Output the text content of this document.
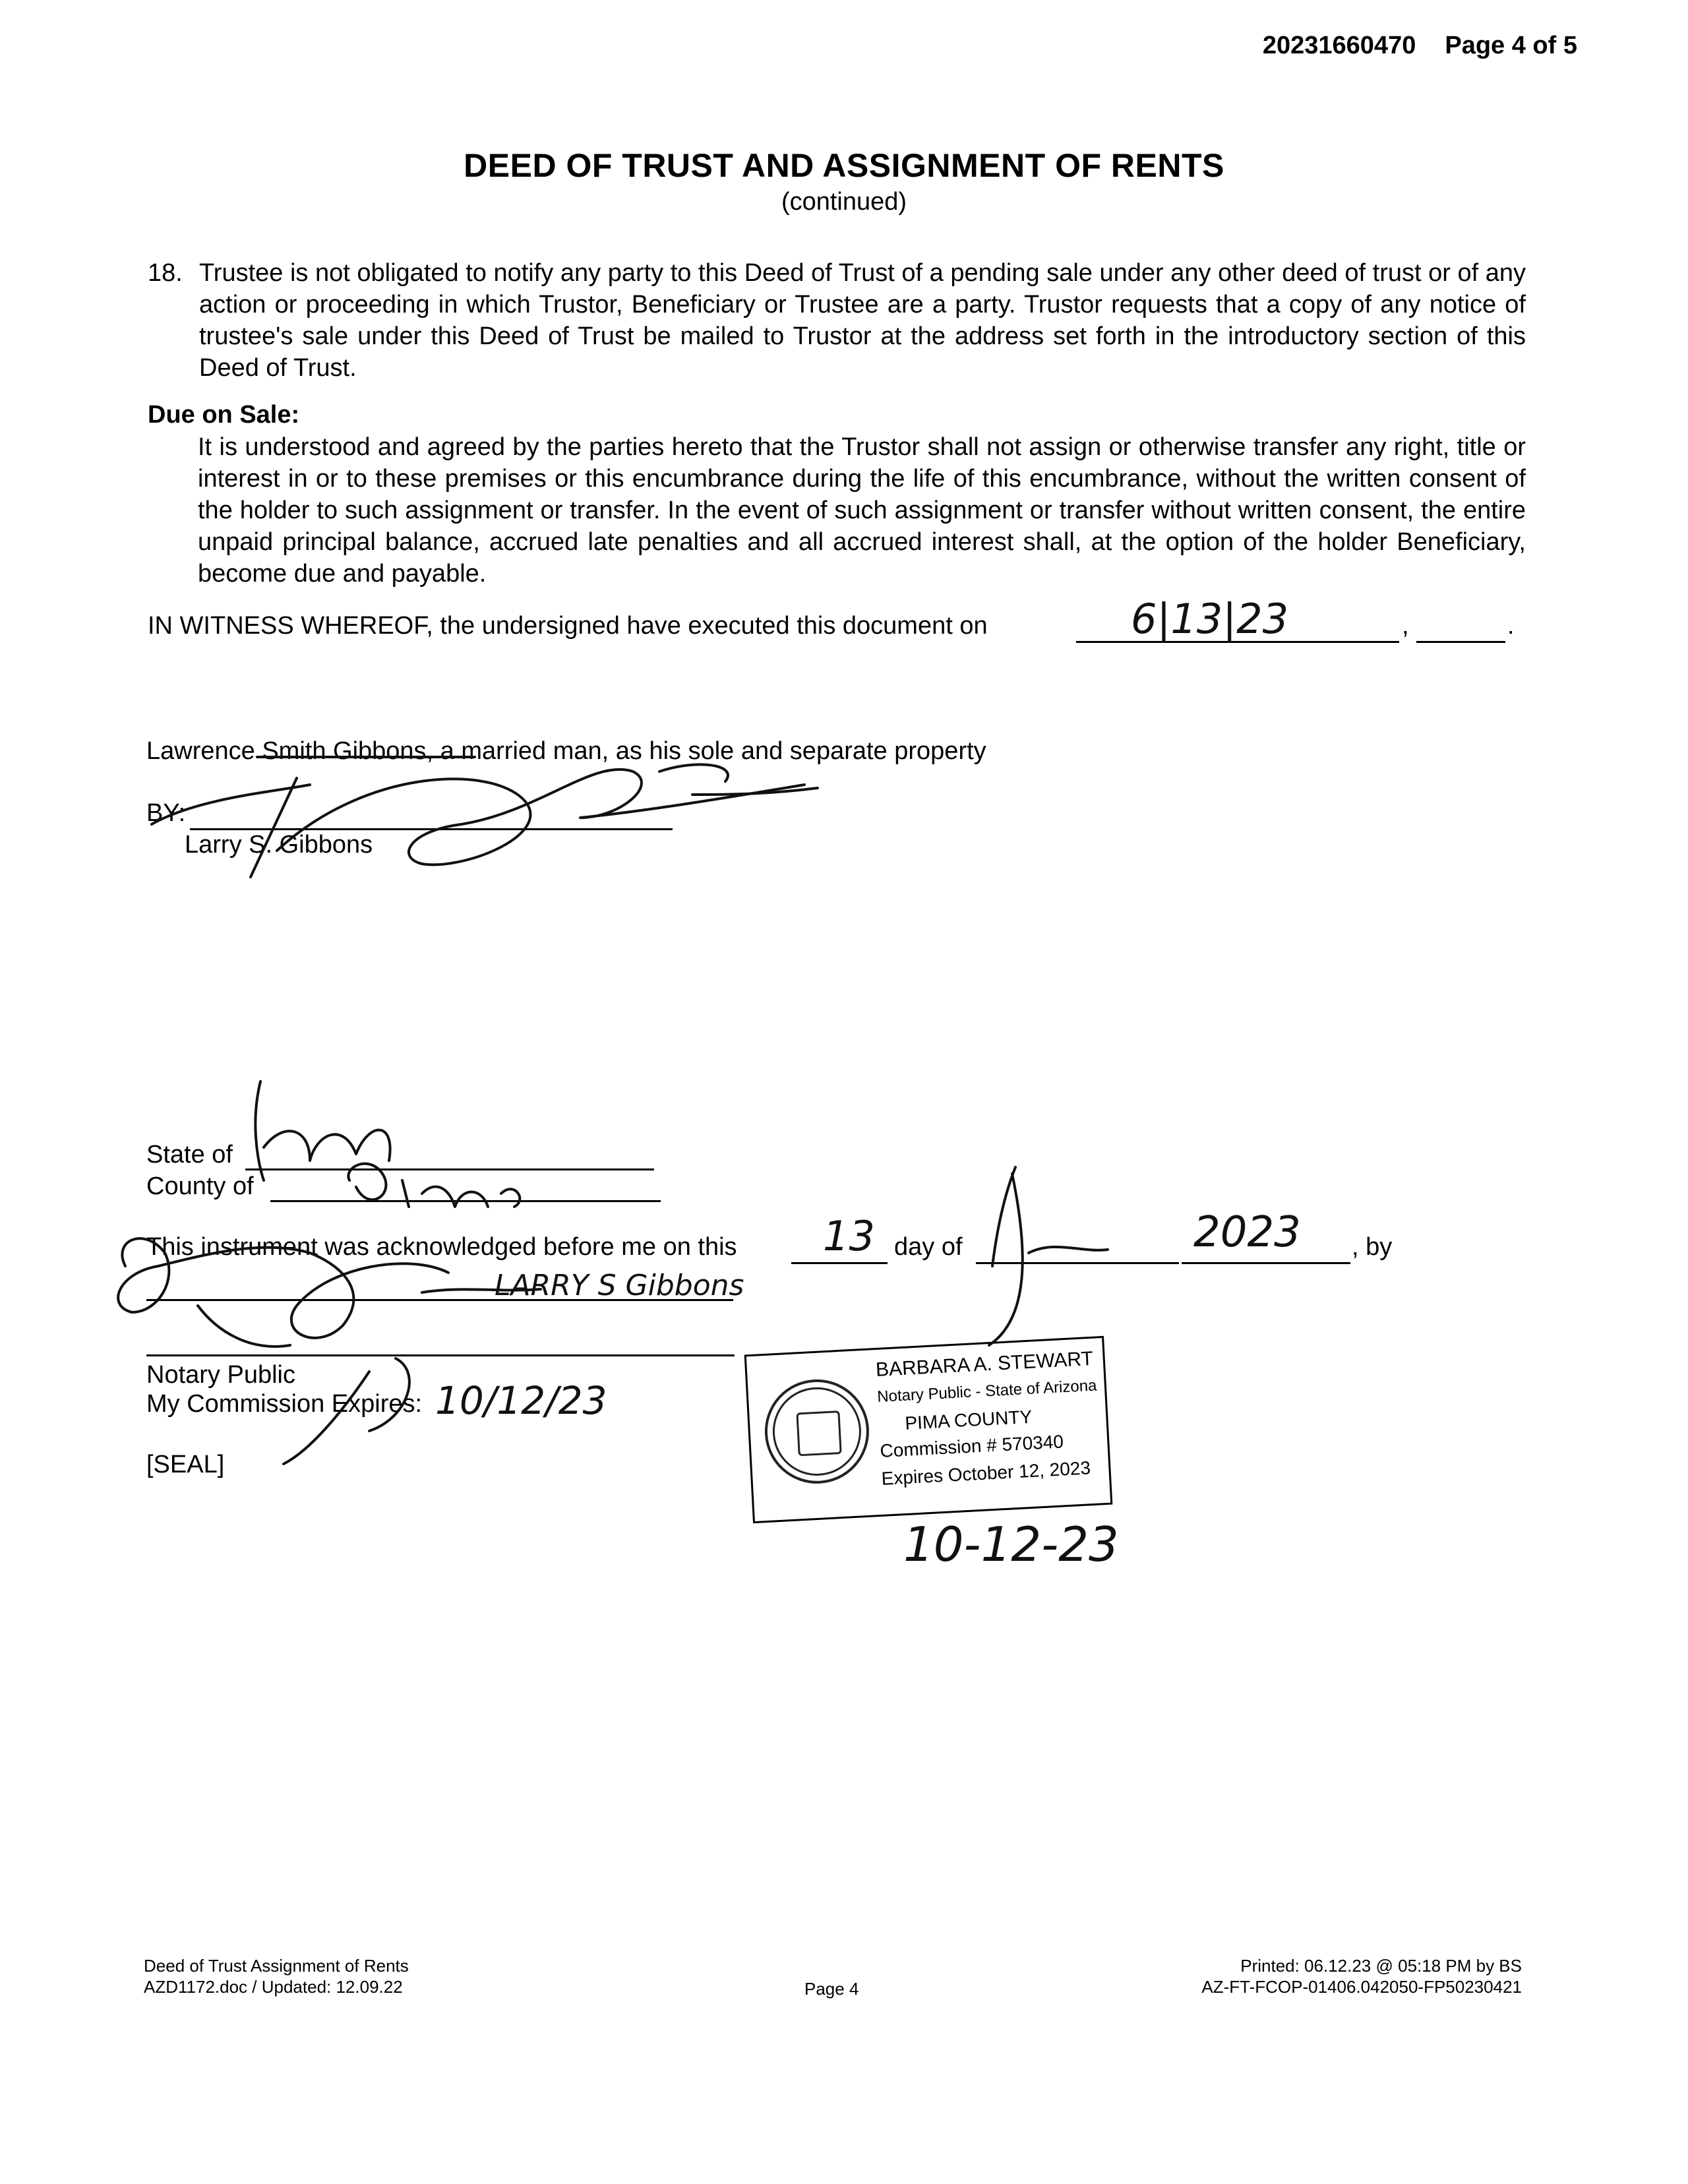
20231660470 Page 4 of 5
DEED OF TRUST AND ASSIGNMENT OF RENTS
(continued)
18. Trustee is not obligated to notify any party to this Deed of Trust of a pending sale under any other deed of trust or of any action or proceeding in which Trustor, Beneficiary or Trustee are a party. Trustor requests that a copy of any notice of trustee's sale under this Deed of Trust be mailed to Trustor at the address set forth in the introductory section of this Deed of Trust.
Due on Sale:
It is understood and agreed by the parties hereto that the Trustor shall not assign or otherwise transfer any right, title or interest in or to these premises or this encumbrance during the life of this encumbrance, without the written consent of the holder to such assignment or transfer. In the event of such assignment or transfer without written consent, the entire unpaid principal balance, accrued late penalties and all accrued interest shall, at the option of the holder Beneficiary, become due and payable.
IN WITNESS WHEREOF, the undersigned have executed this document on	6|13|23	,	.
Lawrence Smith Gibbons, a married man, as his sole and separate property
BY:
Larry S. Gibbons
State of
County of
This instrument was acknowledged before me on this 13 day of	2023 , by
LARRY S Gibbons
Notary Public
My Commission Expires: 10/12/23
[SEAL]
BARBARA A. STEWART
Notary Public - State of Arizona
PIMA COUNTY
Commission # 570340
Expires October 12, 2023
10-12-23
Deed of Trust Assignment of Rents
AZD1172.doc / Updated: 12.09.22	Page 4
Printed: 06.12.23 @ 05:18 PM by BS
AZ-FT-FCOP-01406.042050-FP50230421
